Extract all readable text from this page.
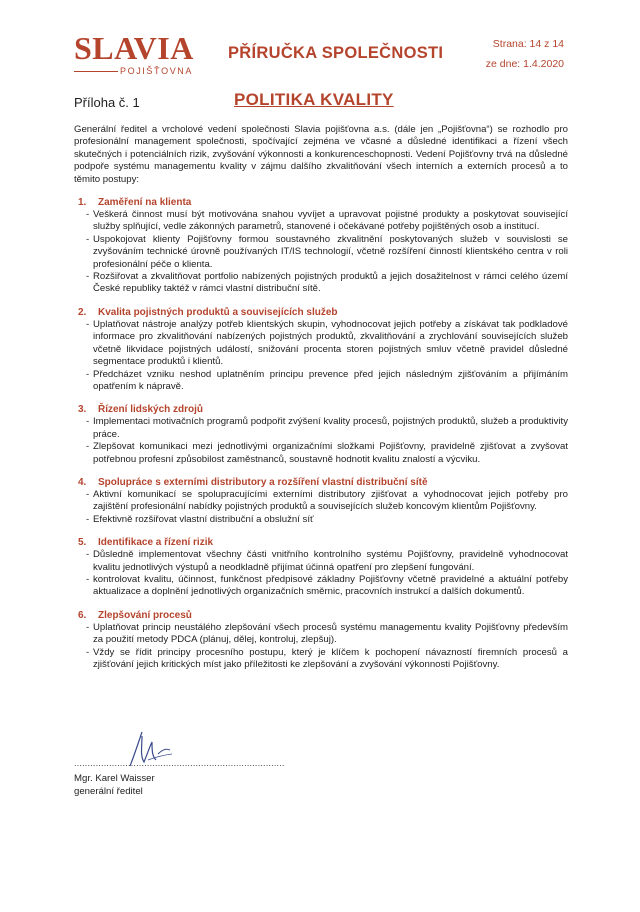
SLAVIA
POJIŠŤOVNA
PŘÍRUČKA SPOLEČNOSTI	Strana: 14 z 14
ze dne: 1.4.2020
Příloha č. 1	POLITIKA KVALITY

Generální ředitel a vrcholové vedení společnosti Slavia pojišťovna a.s. (dále jen „Pojišťovna“) se rozhodlo pro profesionální management společnosti, spočívající zejména ve včasné a důsledné identifikaci a řízení všech skutečných i potenciálních rizik, zvyšování výkonnosti a konkurenceschopnosti. Vedení Pojišťovny trvá na důsledné podpoře systému managementu kvality v zájmu dalšího zkvalitňování všech interních a externích procesů a to těmito postupy:

1.	Zaměření na klienta
- Veškerá činnost musí být motivována snahou vyvíjet a upravovat pojistné produkty a poskytovat související služby splňující, vedle zákonných parametrů, stanovené i očekávané potřeby pojištěných osob a institucí.
- Uspokojovat klienty Pojišťovny formou soustavného zkvalitnění poskytovaných služeb v souvislosti se zvyšováním technické úrovně používaných IT/IS technologií, včetně rozšíření činností klientského centra v roli profesionální péče o klienta.
- Rozšiřovat a zkvalitňovat portfolio nabízených pojistných produktů a jejich dosažitelnost v rámci celého území České republiky taktéž v rámci vlastní distribuční sítě.
2.	Kvalita pojistných produktů a souvisejících služeb
- Uplatňovat nástroje analýzy potřeb klientských skupin, vyhodnocovat jejich potřeby a získávat tak podkladové informace pro zkvalitňování nabízených pojistných produktů, zkvalitňování a zrychlování souvisejících služeb včetně likvidace pojistných událostí, snižování procenta storen pojistných smluv včetně pravidel důsledné segmentace produktů i klientů.
- Předcházet vzniku neshod uplatněním principu prevence před jejich následným zjišťováním a přijímáním opatřením k nápravě.
3.	Řízení lidských zdrojů
- Implementaci motivačních programů podpořit zvýšení kvality procesů, pojistných produktů, služeb a produktivity práce.
- Zlepšovat komunikaci mezi jednotlivými organizačními složkami Pojišťovny, pravidelně zjišťovat a zvyšovat potřebnou profesní způsobilost zaměstnanců, soustavně hodnotit kvalitu znalostí a výcviku.
4.	Spolupráce s externími distributory a rozšíření vlastní distribuční sítě
- Aktivní komunikací se spolupracujícími externími distributory zjišťovat a vyhodnocovat jejich potřeby pro zajištění profesionální nabídky pojistných produktů a souvisejících služeb koncovým klientům Pojišťovny.
- Efektivně rozšiřovat vlastní distribuční a obslužní síť
5.	Identifikace a řízení rizik
- Důsledně implementovat všechny části vnitřního kontrolního systému Pojišťovny, pravidelně vyhodnocovat kvalitu jednotlivých výstupů a neodkladně přijímat účinná opatření pro zlepšení fungování.
- kontrolovat kvalitu, účinnost, funkčnost předpisové základny Pojišťovny včetně pravidelné a aktuální potřeby aktualizace a doplnění jednotlivých organizačních směrnic, pracovních instrukcí a dalších dokumentů.
6.	Zlepšování procesů
- Uplatňovat princip neustálého zlepšování všech procesů systému managementu kvality Pojišťovny především za použití metody PDCA (plánuj, dělej, kontroluj, zlepšuj).
- Vždy se řídit principy procesního postupu, který je klíčem k pochopení návazností firemních procesů a zjišťování jejich kritických míst jako příležitosti ke zlepšování a zvyšování výkonnosti Pojišťovny.
..............................................................................
Mgr. Karel Waisser
generální ředitel
